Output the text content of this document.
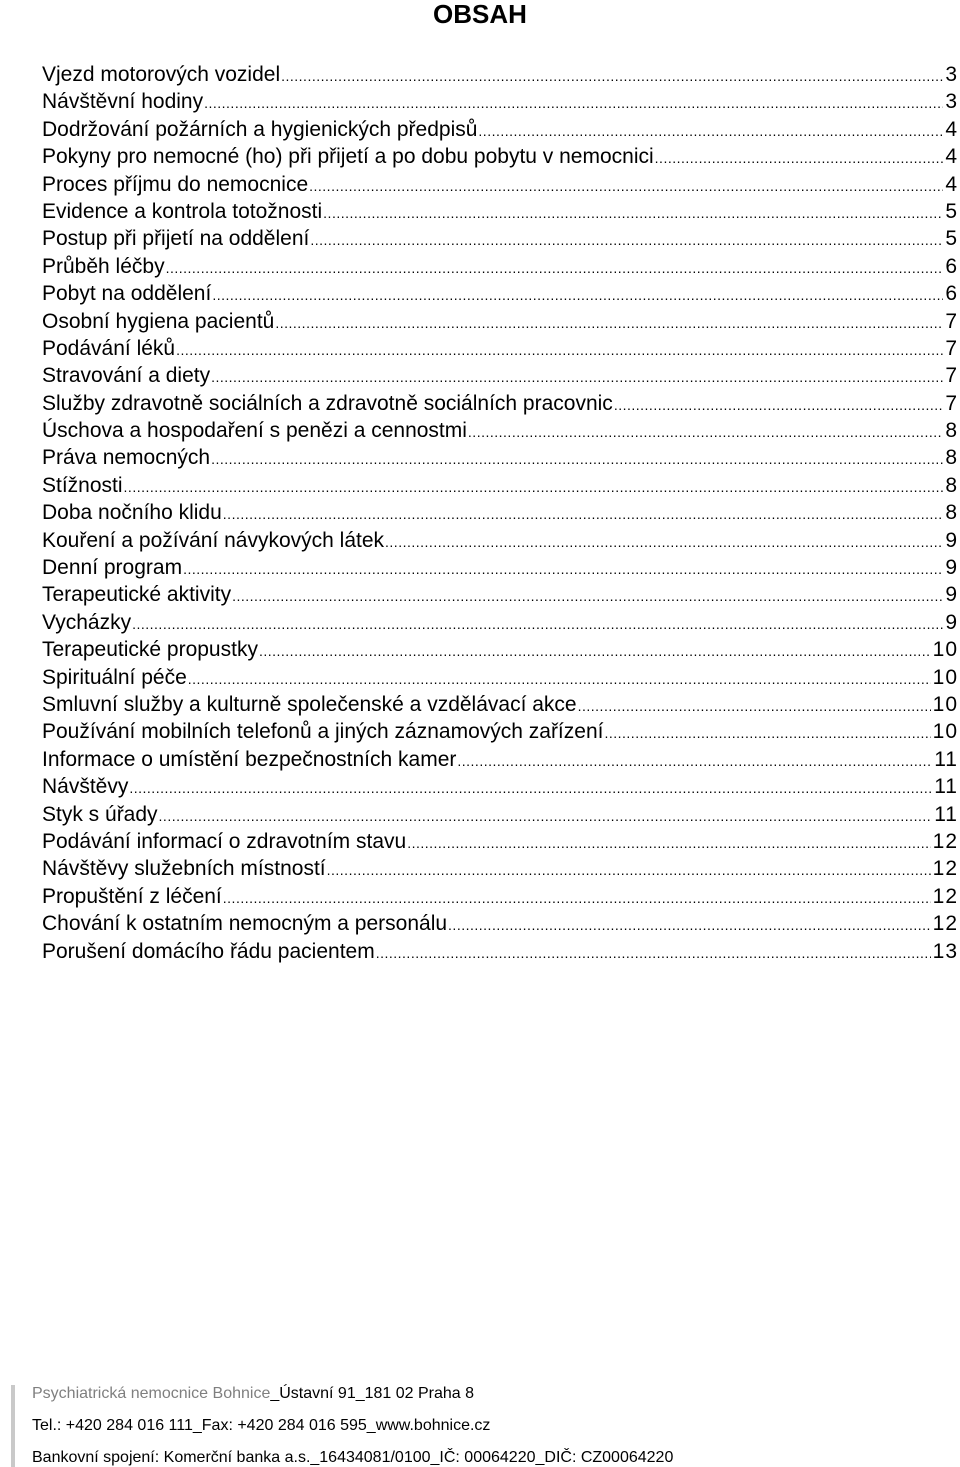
OBSAH
Vjezd motorových vozidel .....	3
Návštěvní hodiny .....	3
Dodržování požárních a hygienických předpisů .....	4
Pokyny pro nemocné (ho) při přijetí a po dobu pobytu v nemocnici .....	4
Proces příjmu do nemocnice .....	4
Evidence a kontrola totožnosti .....	5
Postup při přijetí na oddělení .....	5
Průběh léčby .....	6
Pobyt na oddělení .....	6
Osobní hygiena pacientů .....	7
Podávání léků .....	7
Stravování a diety .....	7
Služby zdravotně sociálních a zdravotně sociálních pracovnic .....	7
Úschova a hospodaření s penězi a cennostmi .....	8
Práva nemocných .....	8
Stížnosti .....	8
Doba nočního klidu .....	8
Kouření a požívání návykových látek .....	9
Denní program .....	9
Terapeutické aktivity .....	9
Vycházky .....	9
Terapeutické propustky .....	10
Spirituální péče .....	10
Smluvní služby a kulturně společenské a vzdělávací akce .....	10
Používání mobilních telefonů a jiných záznamových zařízení .....	10
Informace o umístění bezpečnostních kamer .....	11
Návštěvy .....	11
Styk s úřady .....	11
Podávání informací o zdravotním stavu .....	12
Návštěvy služebních místností .....	12
Propuštění z léčení .....	12
Chování k ostatním nemocným a personálu .....	12
Porušení domácího řádu pacientem .....	13
Psychiatrická nemocnice Bohnice_Ústavní 91_181 02 Praha 8
Tel.: +420 284 016 111_Fax: +420 284 016 595_www.bohnice.cz
Bankovní spojení: Komerční banka a.s._16434081/0100_IČ: 00064220_DIČ: CZ00064220
